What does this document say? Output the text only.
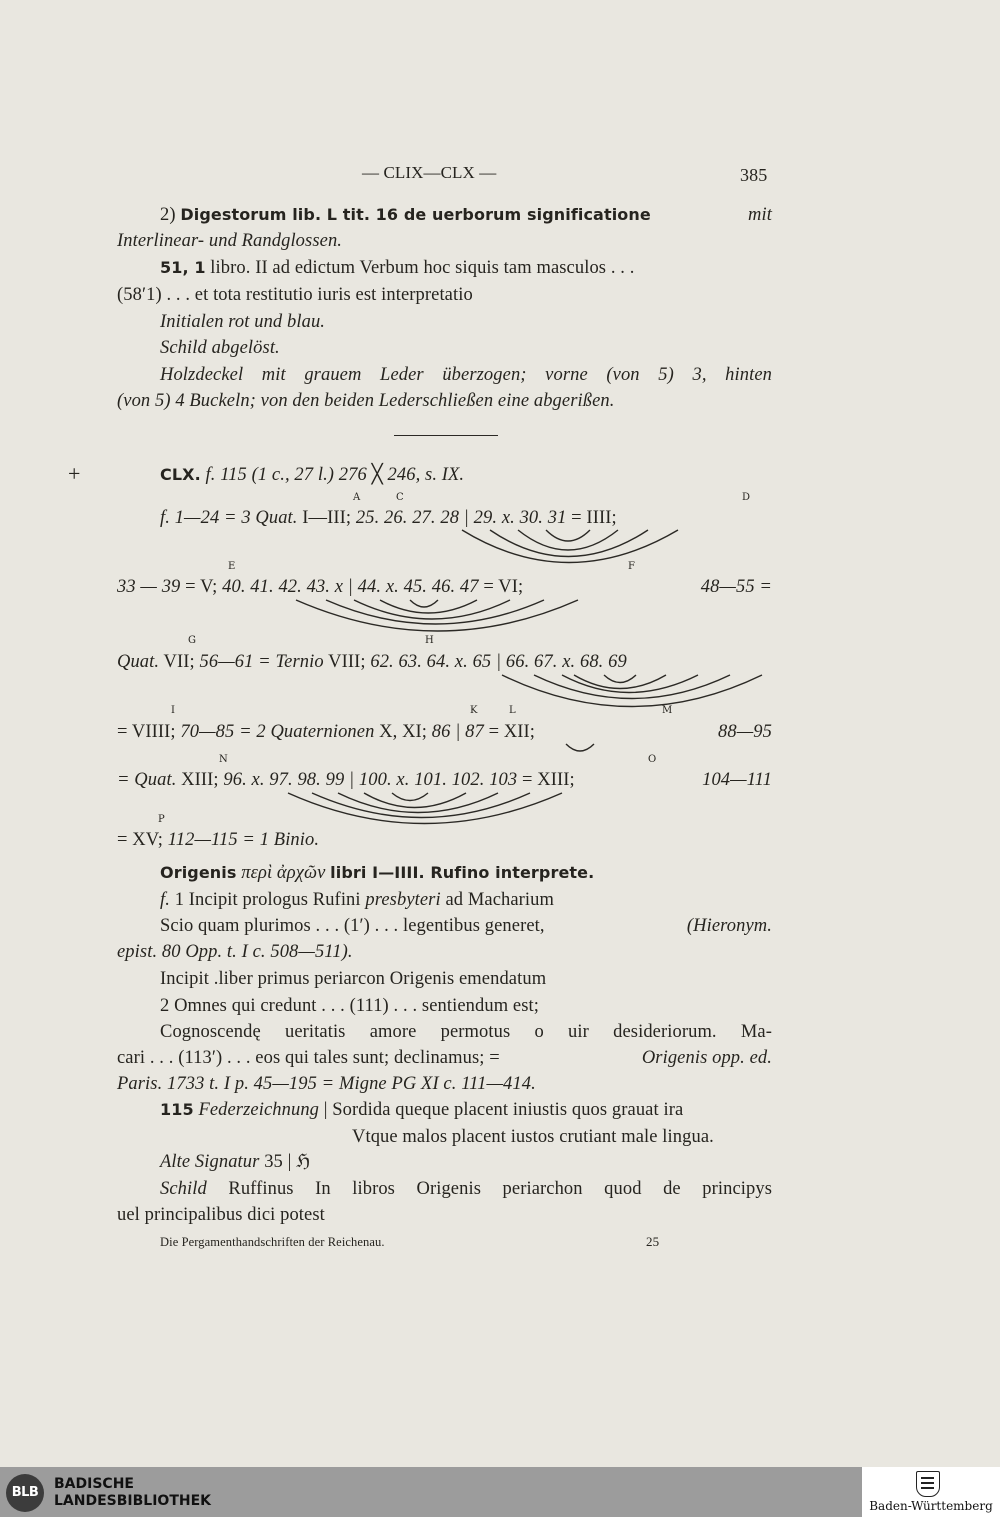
— CLIX—CLX —	385
2) Digestorum lib. L tit. 16 de uerborum significatione	mit
Interlinear- und Randglossen.
51, 1 libro. II ad edictum Verbum hoc siquis tam masculos . . .
(58′1) . . . et tota restitutio iuris est interpretatio
Initialen rot und blau.
Schild abgelöst.
Holzdeckel mit grauem Leder überzogen; vorne (von 5) 3, hinten
(von 5) 4 Buckeln; von den beiden Lederschließen eine abgerißen.
+	CLX. f. 115 (1 c., 27 l.) 276 ╳ 246, s. IX.
A	C	D
f. 1—24 = 3 Quat. I—III; 25. 26. 27. 28 | 29. x. 30. 31 = IIII;
E	F
33 — 39 = V; 40. 41. 42. 43. x | 44. x. 45. 46. 47 = VI;	48—55 =
G	H
Quat. VII; 56—61 = Ternio VIII; 62. 63. 64. x. 65 | 66. 67. x. 68. 69
I	K	L	M
= VIIII; 70—85 = 2 Quaternionen X, XI; 86 | 87 = XII;	88—95
N	O
= Quat. XIII; 96. x. 97. 98. 99 | 100. x. 101. 102. 103 = XIII;	104—111
P
= XV; 112—115 = 1 Binio.
Origenis περὶ ἀρχῶν libri I—IIII. Rufino interprete.
f. 1 Incipit prologus Rufini presbyteri ad Macharium
Scio quam plurimos . . . (1′) . . . legentibus generet,	(Hieronym.
epist. 80 Opp. t. I c. 508—511).
Incipit .liber primus periarcon Origenis emendatum
2 Omnes qui credunt . . . (111) . . . sentiendum est;
Cognoscendę ueritatis amore permotus o uir desideriorum. Ma-
cari . . . (113′) . . . eos qui tales sunt; declinamus; =	Origenis opp. ed.
Paris. 1733 t. I p. 45—195 = Migne PG XI c. 111—414.
115 Federzeichnung | Sordida queque placent iniustis quos grauat ira
Vtque malos placent iustos crutiant male lingua.
Alte Signatur 35 | ℌ
Schild Ruffinus In libros Origenis periarchon quod de principys
uel principalibus dici potest
Die Pergamenthandschriften der Reichenau.	25
BLB
BADISCHE
LANDESBIBLIOTHEK	Baden-Württemberg
